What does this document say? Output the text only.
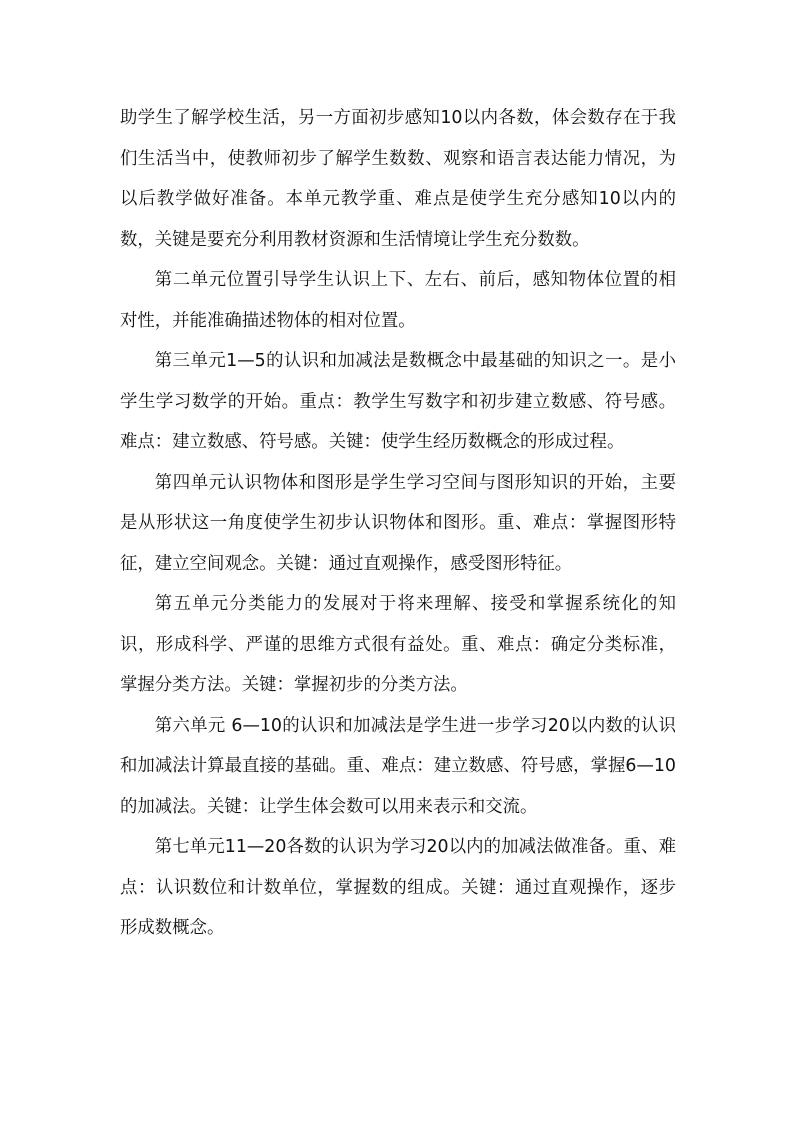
助学生了解学校生活，另一方面初步感知10以内各数，体会数存在于我们生活当中，使教师初步了解学生数数、观察和语言表达能力情况，为以后教学做好准备。本单元教学重、难点是使学生充分感知10以内的数，关键是要充分利用教材资源和生活情境让学生充分数数。

第二单元位置引导学生认识上下、左右、前后，感知物体位置的相对性，并能准确描述物体的相对位置。

第三单元1—5的认识和加减法是数概念中最基础的知识之一。是小学生学习数学的开始。重点：教学生写数字和初步建立数感、符号感。难点：建立数感、符号感。关键：使学生经历数概念的形成过程。

第四单元认识物体和图形是学生学习空间与图形知识的开始，主要是从形状这一角度使学生初步认识物体和图形。重、难点：掌握图形特征，建立空间观念。关键：通过直观操作，感受图形特征。

第五单元分类能力的发展对于将来理解、接受和掌握系统化的知识，形成科学、严谨的思维方式很有益处。重、难点：确定分类标准，掌握分类方法。关键：掌握初步的分类方法。

第六单元 6—10的认识和加减法是学生进一步学习20以内数的认识和加减法计算最直接的基础。重、难点：建立数感、符号感，掌握6—10的加减法。关键：让学生体会数可以用来表示和交流。

第七单元11—20各数的认识为学习20以内的加减法做准备。重、难点：认识数位和计数单位，掌握数的组成。关键：通过直观操作，逐步形成数概念。
